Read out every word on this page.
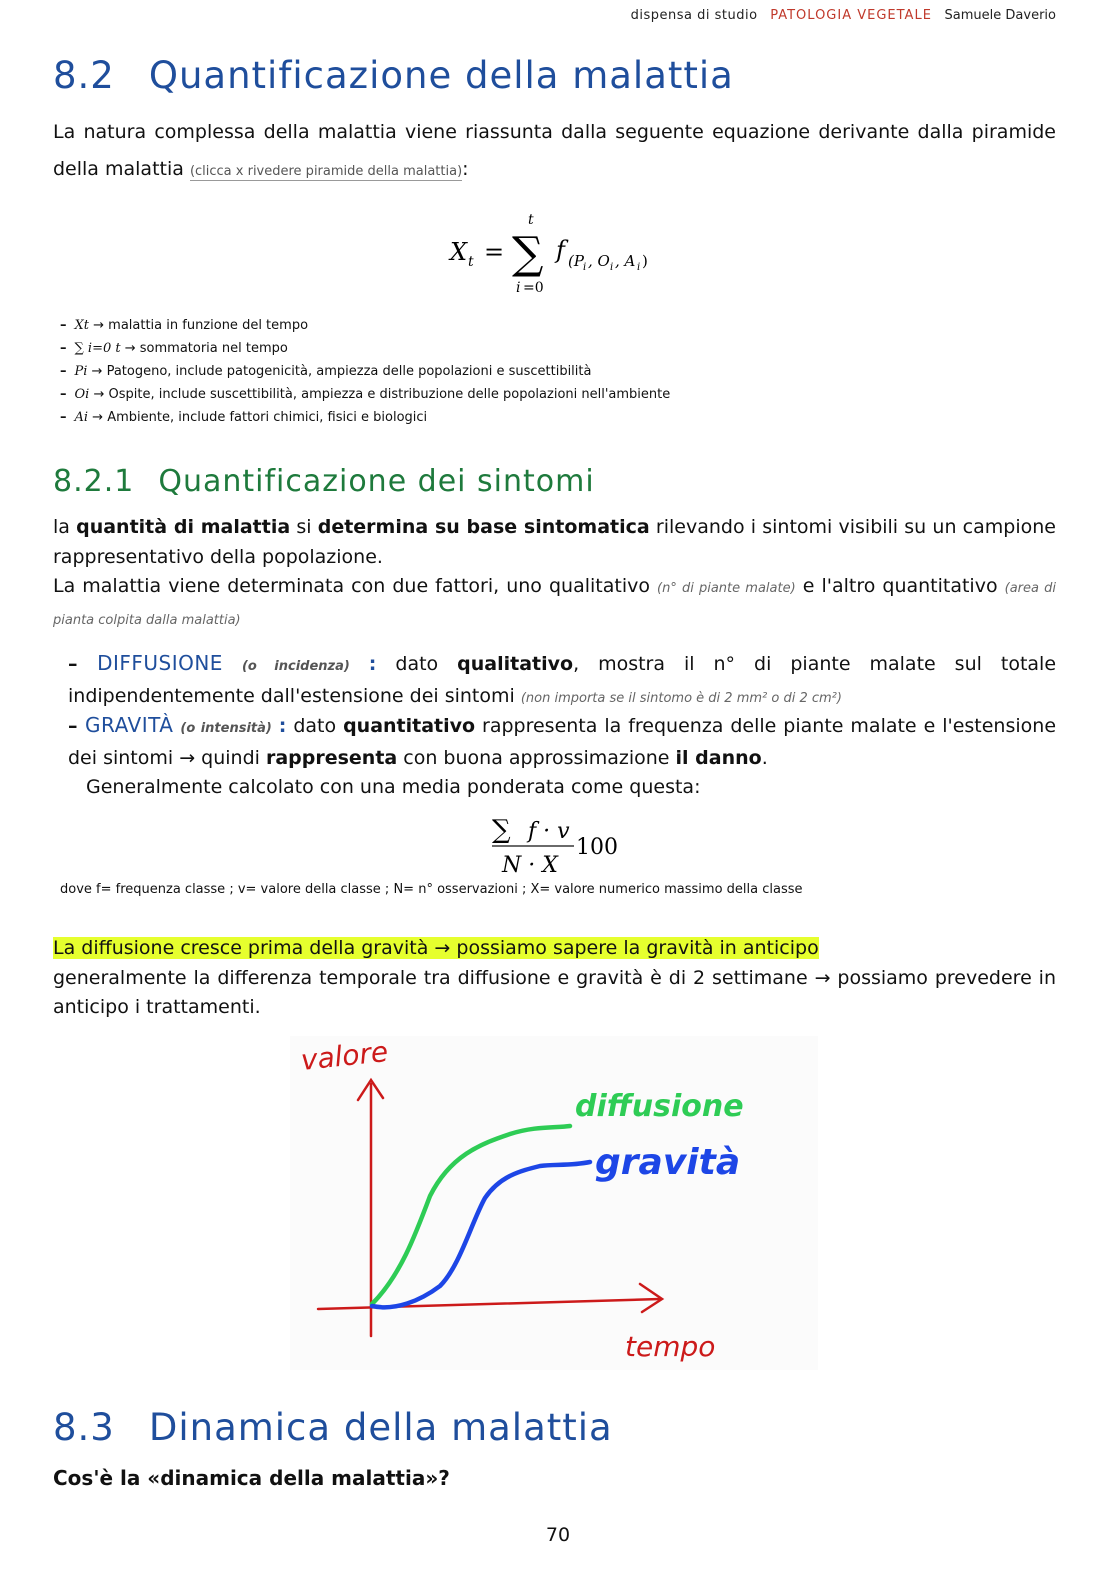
dispensa di studio PATOLOGIA VEGETALE Samuele Daverio
8.2 Quantificazione della malattia
La natura complessa della malattia viene riassunta dalla seguente equazione derivante dalla piramide della malattia (clicca x rivedere piramide della malattia):
X t = ∑
t
i =0
f (P i , O i , A i )
– Xt → malattia in funzione del tempo
– ∑ i=0 t → sommatoria nel tempo
– Pi → Patogeno, include patogenicità, ampiezza delle popolazioni e suscettibilità
– Oi → Ospite, include suscettibilità, ampiezza e distribuzione delle popolazioni nell'ambiente
– Ai → Ambiente, include fattori chimici, fisici e biologici
8.2.1 Quantificazione dei sintomi
la quantità di malattia si determina su base sintomatica rilevando i sintomi visibili su un campione rappresentativo della popolazione.
La malattia viene determinata con due fattori, uno qualitativo (n° di piante malate) e l'altro quantitativo (area di pianta colpita dalla malattia)
– DIFFUSIONE (o incidenza) : dato qualitativo, mostra il n° di piante malate sul totale indipendentemente dall'estensione dei sintomi (non importa se il sintomo è di 2 mm² o di 2 cm²)
– GRAVITÀ (o intensità) : dato quantitativo rappresenta la frequenza delle piante malate e l'estensione dei sintomi → quindi rappresenta con buona approssimazione il danno.
Generalmente calcolato con una media ponderata come questa:
∑ f · v
N · X
100
dove f= frequenza classe ; v= valore della classe ; N= n° osservazioni ; X= valore numerico massimo della classe
La diffusione cresce prima della gravità → possiamo sapere la gravità in anticipo
generalmente la differenza temporale tra diffusione e gravità è di 2 settimane → possiamo prevedere in anticipo i trattamenti.
valore
tempo
diffusione
gravità
8.3 Dinamica della malattia
Cos'è la «dinamica della malattia»?
70
